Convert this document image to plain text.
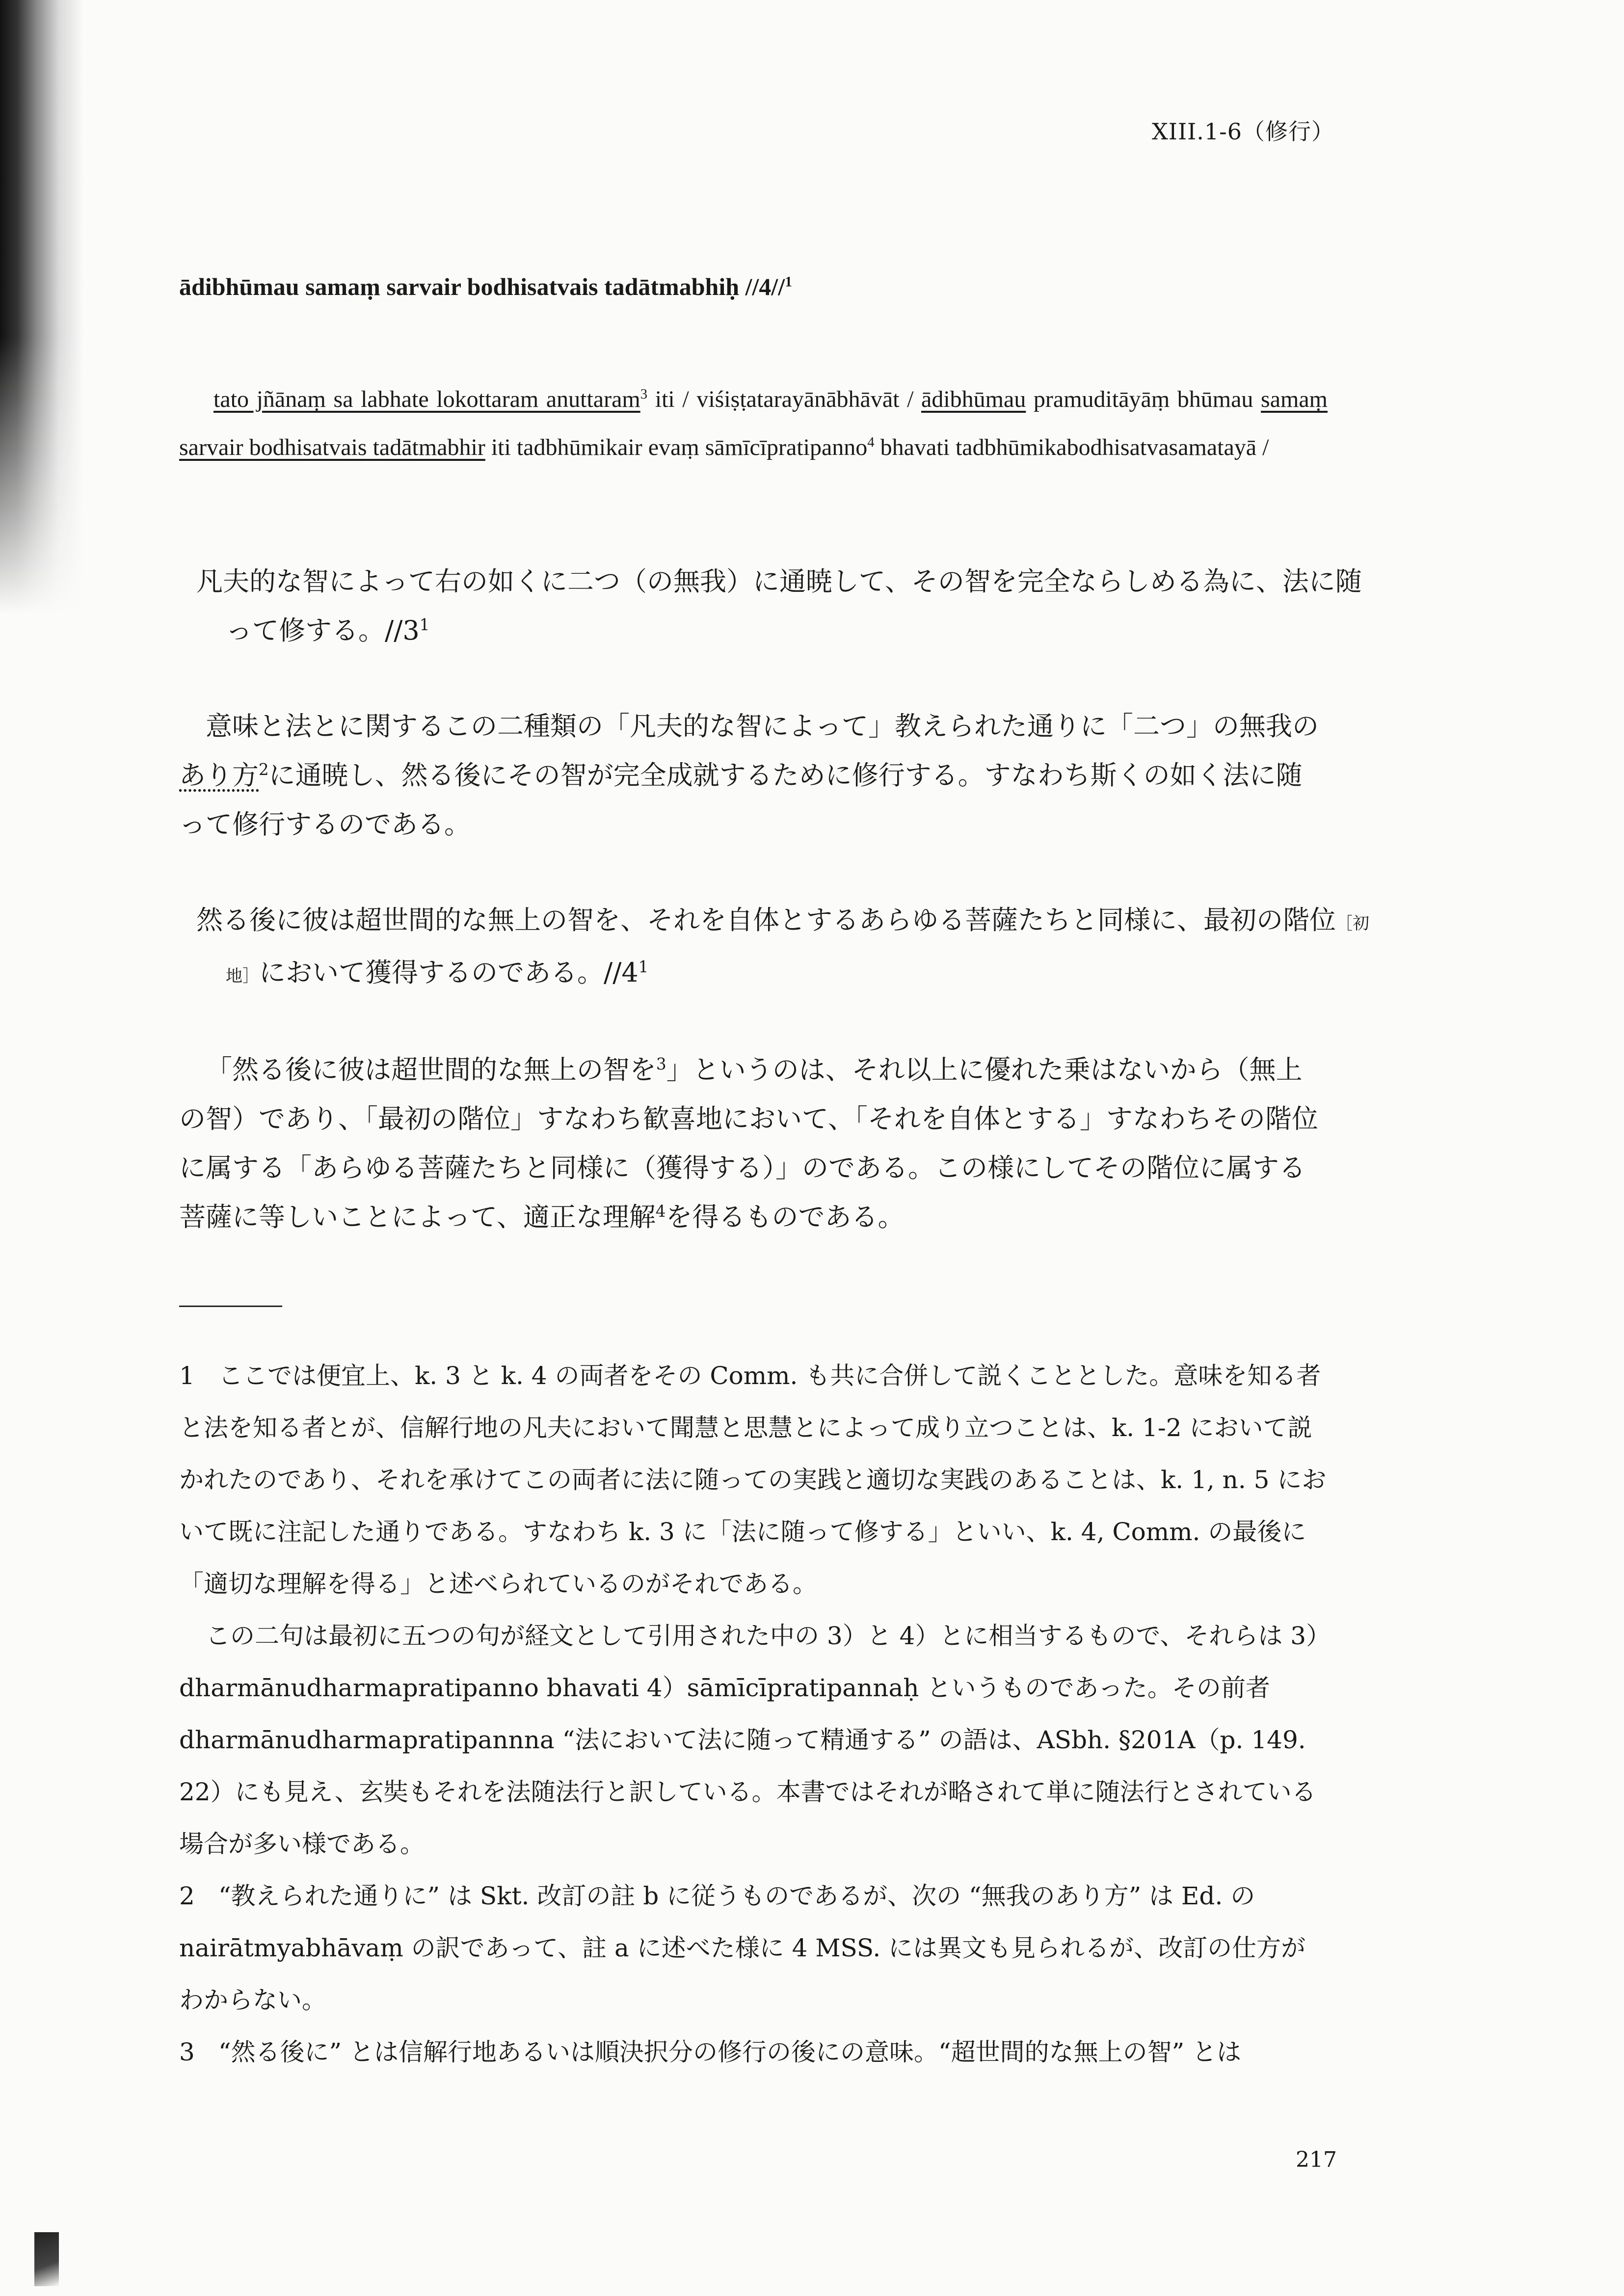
XIII.1-6（修行）
ādibhūmau samaṃ sarvair bodhisatvais tadātmabhiḥ //4//$^1$
tato jñānaṃ sa labhate lokottaram anuttaram$^3$ iti / viśiṣṭatarayānābhāvāt / ādibhūmau pramuditāyāṃ bhūmau samaṃ sarvair bodhisatvais tadātmabhir iti tadbhūmikair evaṃ sāmīcīpratipanno$^4$ bhavati tadbhūmikabodhisatvasamatayā /
凡夫的な智によって右の如くに二つ（の無我）に通暁して、その智を完全ならしめる為に、法に随って修する。$//3^1$
意味と法とに関するこの二種類の「凡夫的な智によって」教えられた通りに「二つ」の無我のあり方$^2$に通暁し、然る後にその智が完全成就するために修行する。すなわち斯くの如く法に随って修行するのである。
然る後に彼は超世間的な無上の智を、それを自体とするあらゆる菩薩たちと同様に、最初の階位［初地］において獲得するのである。$//4^1$
「然る後に彼は超世間的な無上の智を$^3$」というのは、それ以上に優れた乗はないから（無上の智）であり、「最初の階位」すなわち歓喜地において、「それを自体とする」すなわちその階位に属する「あらゆる菩薩たちと同様に（獲得する）」のである。この様にしてその階位に属する菩薩に等しいことによって、適正な理解$^4$を得るものである。

1 ここでは便宜上、k. 3 と k. 4 の両者をその Comm. も共に合併して説くこととした。意味を知る者と法を知る者とが、信解行地の凡夫において聞慧と思慧とによって成り立つことは、k. 1-2 において説かれたのであり、それを承けてこの両者に法に随っての実践と適切な実践のあることは、k. 1, n. 5 において既に注記した通りである。すなわち k. 3 に「法に随って修する」といい、k. 4, Comm. の最後に「適切な理解を得る」と述べられているのがそれである。

この二句は最初に五つの句が経文として引用された中の 3）と 4）とに相当するもので、それらは 3）dharmānudharmapratipanno bhavati 4）sāmīcīpratipannaḥ というものであった。その前者 dharmānudharmapratipannna “法において法に随って精通する” の語は、ASbh. §201A（p. 149. 22）にも見え、玄奘もそれを法随法行と訳している。本書ではそれが略されて単に随法行とされている場合が多い様である。

2 “教えられた通りに” は Skt. 改訂の註 b に従うものであるが、次の “無我のあり方” は Ed. の nairātmyabhāvaṃ の訳であって、註 a に述べた様に 4 MSS. には異文も見られるが、改訂の仕方がわからない。

3 “然る後に” とは信解行地あるいは順決択分の修行の後にの意味。“超世間的な無上の智” とは

217
